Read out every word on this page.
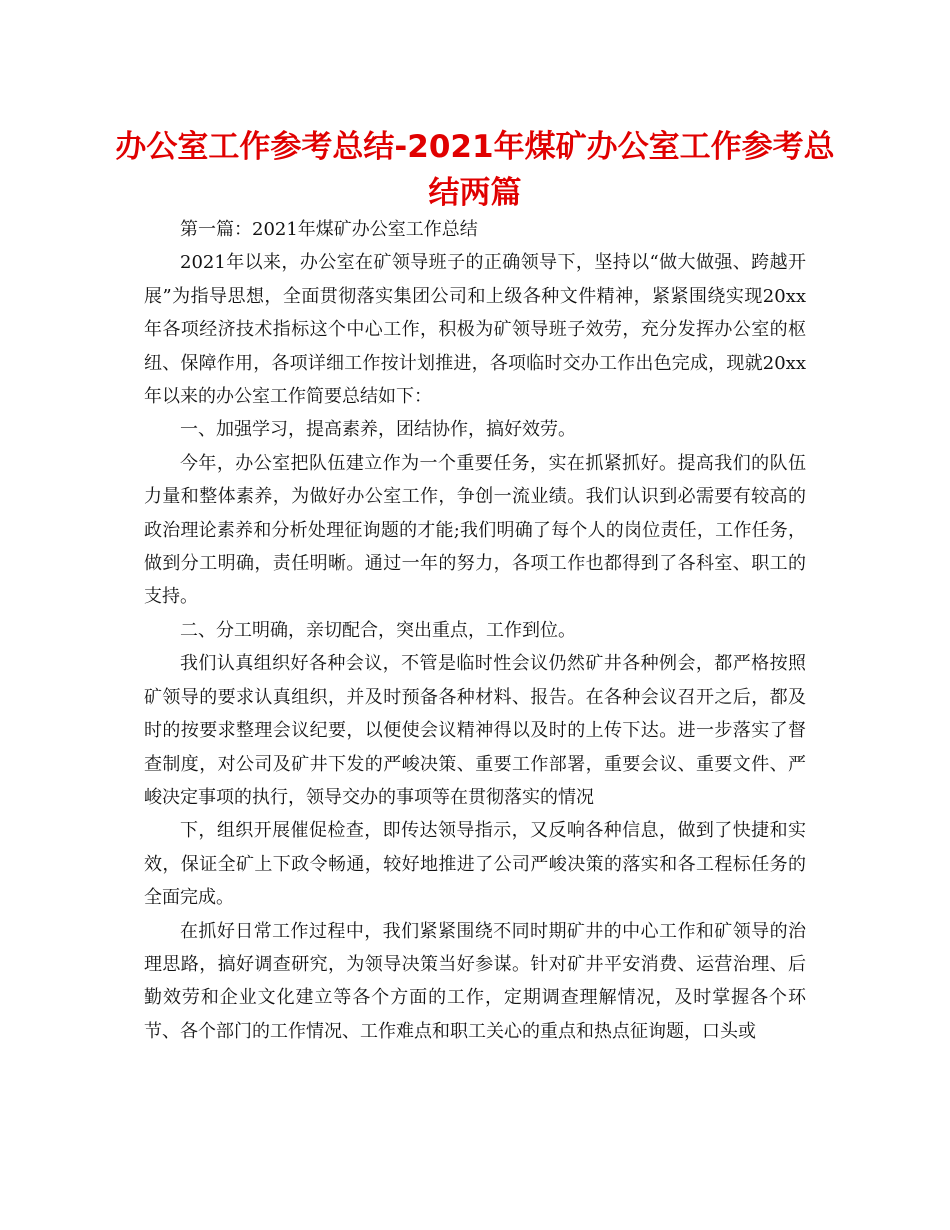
办公室工作参考总结-2021年煤矿办公室工作参考总结两篇

第一篇：2021年煤矿办公室工作总结

2021年以来，办公室在矿领导班子的正确领导下，坚持以“做大做强、跨越开展”为指导思想，全面贯彻落实集团公司和上级各种文件精神，紧紧围绕实现20xx年各项经济技术指标这个中心工作，积极为矿领导班子效劳，充分发挥办公室的枢纽、保障作用，各项详细工作按计划推进，各项临时交办工作出色完成，现就20xx年以来的办公室工作简要总结如下：

一、加强学习，提高素养，团结协作，搞好效劳。

今年，办公室把队伍建立作为一个重要任务，实在抓紧抓好。提高我们的队伍力量和整体素养，为做好办公室工作，争创一流业绩。我们认识到必需要有较高的政治理论素养和分析处理征询题的才能;我们明确了每个人的岗位责任，工作任务，做到分工明确，责任明晰。通过一年的努力，各项工作也都得到了各科室、职工的支持。

二、分工明确，亲切配合，突出重点，工作到位。

我们认真组织好各种会议，不管是临时性会议仍然矿井各种例会，都严格按照矿领导的要求认真组织，并及时预备各种材料、报告。在各种会议召开之后，都及时的按要求整理会议纪要，以便使会议精神得以及时的上传下达。进一步落实了督查制度，对公司及矿井下发的严峻决策、重要工作部署，重要会议、重要文件、严峻决定事项的执行，领导交办的事项等在贯彻落实的情况

下，组织开展催促检查，即传达领导指示，又反响各种信息，做到了快捷和实效，保证全矿上下政令畅通，较好地推进了公司严峻决策的落实和各工程标任务的全面完成。

在抓好日常工作过程中，我们紧紧围绕不同时期矿井的中心工作和矿领导的治理思路，搞好调查研究，为领导决策当好参谋。针对矿井平安消费、运营治理、后勤效劳和企业文化建立等各个方面的工作，定期调查理解情况，及时掌握各个环节、各个部门的工作情况、工作难点和职工关心的重点和热点征询题，口头或
